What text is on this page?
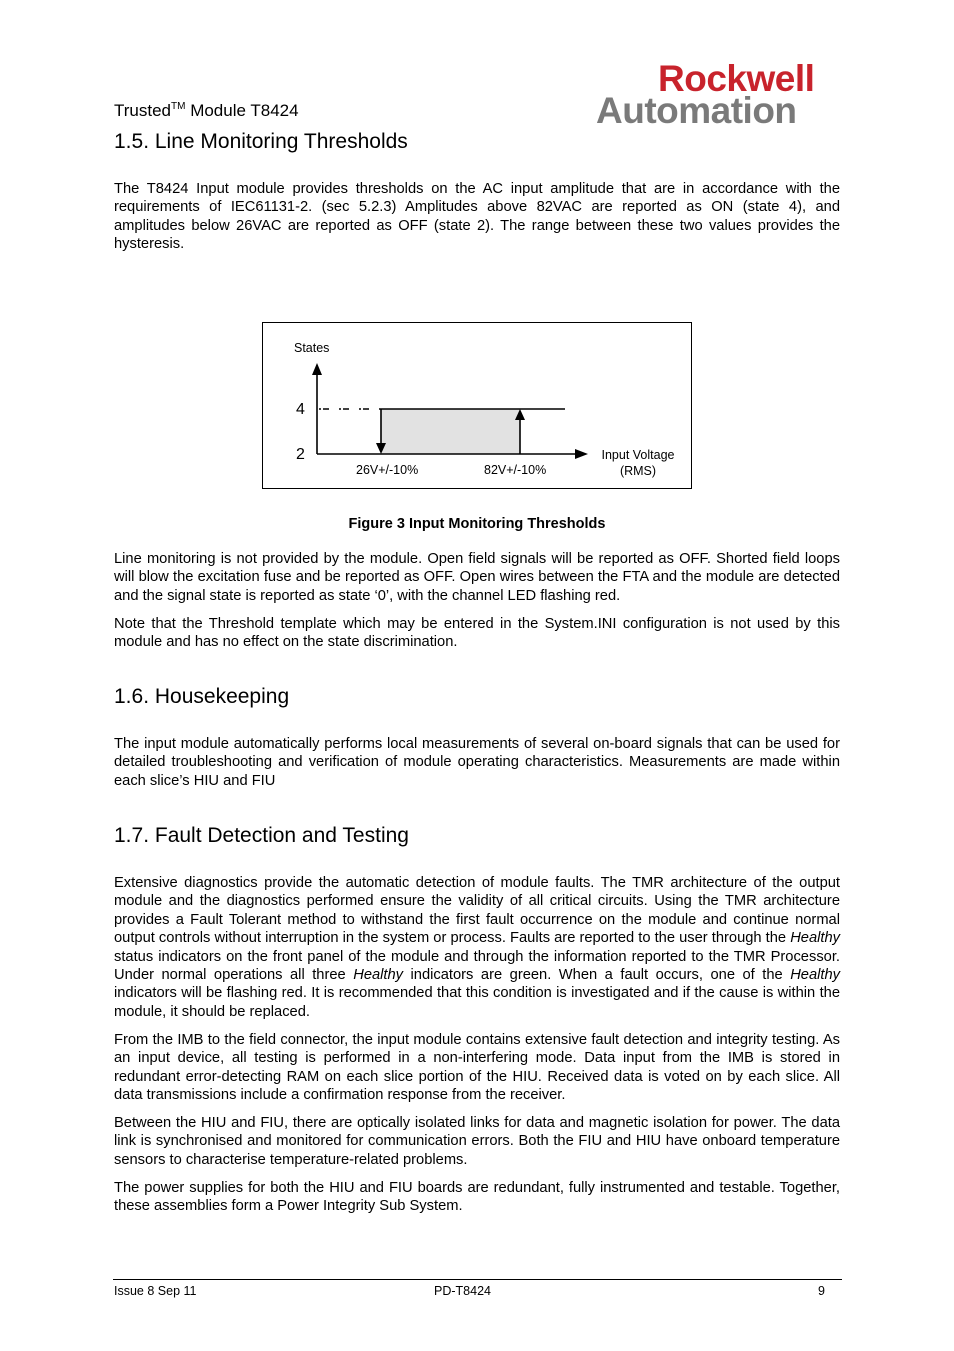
Rockwell
Automation
Trusted™ Module T8424
1.5. Line Monitoring Thresholds
The T8424 Input module provides thresholds on the AC input amplitude that are in accordance with the requirements of IEC61131-2. (sec 5.2.3) Amplitudes above 82VAC are reported as ON (state 4), and amplitudes below 26VAC are reported as OFF (state 2). The range between these two values provides the hysteresis.
States
4
2
26V+/-10%	82V+/-10%
Input Voltage
(RMS)
Figure 3 Input Monitoring Thresholds
Line monitoring is not provided by the module. Open field signals will be reported as OFF. Shorted field loops will blow the excitation fuse and be reported as OFF. Open wires between the FTA and the module are detected and the signal state is reported as state ‘0’, with the channel LED flashing red.
Note that the Threshold template which may be entered in the System.INI configuration is not used by this module and has no effect on the state discrimination.
1.6. Housekeeping
The input module automatically performs local measurements of several on-board signals that can be used for detailed troubleshooting and verification of module operating characteristics. Measurements are made within each slice’s HIU and FIU
1.7. Fault Detection and Testing
Extensive diagnostics provide the automatic detection of module faults. The TMR architecture of the output module and the diagnostics performed ensure the validity of all critical circuits. Using the TMR architecture provides a Fault Tolerant method to withstand the first fault occurrence on the module and continue normal output controls without interruption in the system or process. Faults are reported to the user through the Healthy status indicators on the front panel of the module and through the information reported to the TMR Processor. Under normal operations all three Healthy indicators are green. When a fault occurs, one of the Healthy indicators will be flashing red. It is recommended that this condition is investigated and if the cause is within the module, it should be replaced.
From the IMB to the field connector, the input module contains extensive fault detection and integrity testing. As an input device, all testing is performed in a non-interfering mode. Data input from the IMB is stored in redundant error-detecting RAM on each slice portion of the HIU. Received data is voted on by each slice. All data transmissions include a confirmation response from the receiver.
Between the HIU and FIU, there are optically isolated links for data and magnetic isolation for power. The data link is synchronised and monitored for communication errors. Both the FIU and HIU have onboard temperature sensors to characterise temperature-related problems.
The power supplies for both the HIU and FIU boards are redundant, fully instrumented and testable. Together, these assemblies form a Power Integrity Sub System.
Issue 8 Sep 11	PD-T8424	9
